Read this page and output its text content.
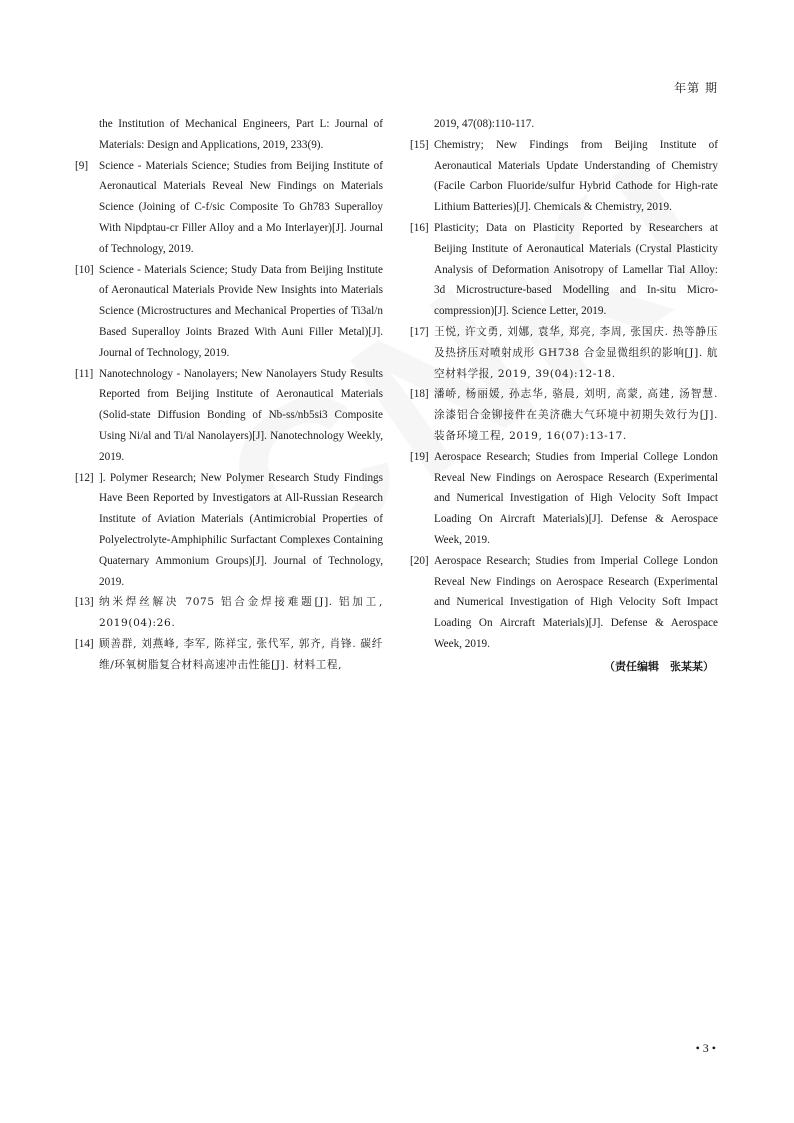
年第 期
the Institution of Mechanical Engineers, Part L: Journal of Materials: Design and Applications, 2019, 233(9).
[9] Science - Materials Science; Studies from Beijing Institute of Aeronautical Materials Reveal New Findings on Materials Science (Joining of C-f/sic Composite To Gh783 Superalloy With Nipdptau-cr Filler Alloy and a Mo Interlayer)[J]. Journal of Technology, 2019.
[10] Science - Materials Science; Study Data from Beijing Institute of Aeronautical Materials Provide New Insights into Materials Science (Microstructures and Mechanical Properties of Ti3al/n Based Superalloy Joints Brazed With Auni Filler Metal)[J]. Journal of Technology, 2019.
[11] Nanotechnology - Nanolayers; New Nanolayers Study Results Reported from Beijing Institute of Aeronautical Materials (Solid-state Diffusion Bonding of Nb-ss/nb5si3 Composite Using Ni/al and Ti/al Nanolayers)[J]. Nanotechnology Weekly, 2019.
[12] ]. Polymer Research; New Polymer Research Study Findings Have Been Reported by Investigators at All-Russian Research Institute of Aviation Materials (Antimicrobial Properties of Polyelectrolyte-Amphiphilic Surfactant Complexes Containing Quaternary Ammonium Groups)[J]. Journal of Technology, 2019.
[13] 纳米焊丝解决 7075 铝合金焊接难题[J]. 铝加工, 2019(04):26.
[14] 顾善群, 刘燕峰, 李军, 陈祥宝, 张代军, 郭齐, 肖锋. 碳纤维/环氧树脂复合材料高速冲击性能[J]. 材料工程,
2019, 47(08):110-117.
[15] Chemistry; New Findings from Beijing Institute of Aeronautical Materials Update Understanding of Chemistry (Facile Carbon Fluoride/sulfur Hybrid Cathode for High-rate Lithium Batteries)[J]. Chemicals & Chemistry, 2019.
[16] Plasticity; Data on Plasticity Reported by Researchers at Beijing Institute of Aeronautical Materials (Crystal Plasticity Analysis of Deformation Anisotropy of Lamellar Tial Alloy: 3d Microstructure-based Modelling and In-situ Micro-compression)[J]. Science Letter, 2019.
[17] 王悦, 许文勇, 刘娜, 袁华, 郑亮, 李周, 张国庆. 热等静压及热挤压对喷射成形 GH738 合金显微组织的影响[J]. 航空材料学报, 2019, 39(04):12-18.
[18] 潘峤, 杨丽媛, 孙志华, 骆晨, 刘明, 高蒙, 高建, 汤智慧. 涂漆铝合金铆接件在美济礁大气环境中初期失效行为[J]. 装备环境工程, 2019, 16(07):13-17.
[19] Aerospace Research; Studies from Imperial College London Reveal New Findings on Aerospace Research (Experimental and Numerical Investigation of High Velocity Soft Impact Loading On Aircraft Materials)[J]. Defense & Aerospace Week, 2019.
[20] Aerospace Research; Studies from Imperial College London Reveal New Findings on Aerospace Research (Experimental and Numerical Investigation of High Velocity Soft Impact Loading On Aircraft Materials)[J]. Defense & Aerospace Week, 2019.
（责任编辑　张某某）
• 3 •
